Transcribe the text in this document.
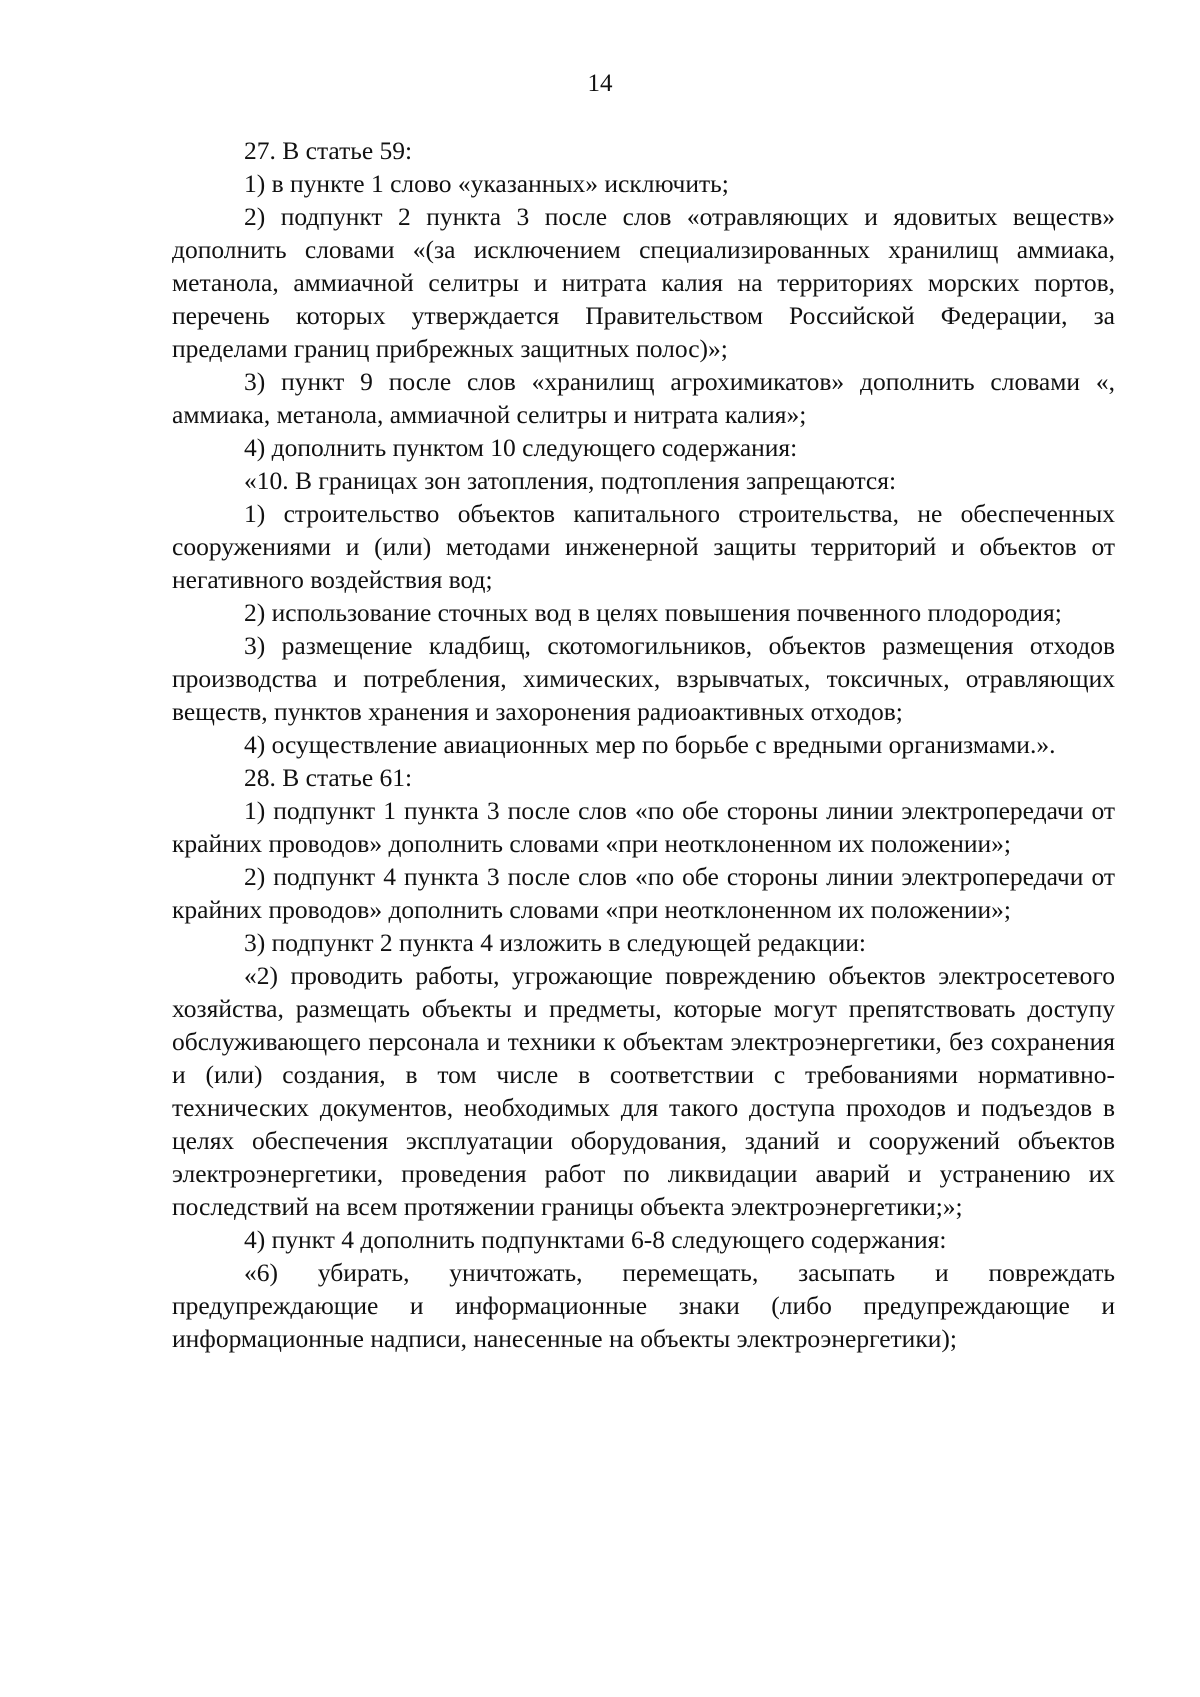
14

27. В статье 59:

1) в пункте 1 слово «указанных» исключить;

2) подпункт 2 пункта 3 после слов «отравляющих и ядовитых веществ» дополнить словами «(за исключением специализированных хранилищ аммиака, метанола, аммиачной селитры и нитрата калия на территориях морских портов, перечень которых утверждается Правительством Российской Федерации, за пределами границ прибрежных защитных полос)»;

3) пункт 9 после слов «хранилищ агрохимикатов» дополнить словами «, аммиака, метанола, аммиачной селитры и нитрата калия»;

4) дополнить пунктом 10 следующего содержания:

«10. В границах зон затопления, подтопления запрещаются:

1) строительство объектов капитального строительства, не обеспеченных сооружениями и (или) методами инженерной защиты территорий и объектов от негативного воздействия вод;

2) использование сточных вод в целях повышения почвенного плодородия;

3) размещение кладбищ, скотомогильников, объектов размещения отходов производства и потребления, химических, взрывчатых, токсичных, отравляющих веществ, пунктов хранения и захоронения радиоактивных отходов;

4) осуществление авиационных мер по борьбе с вредными организмами.».

28. В статье 61:

1) подпункт 1 пункта 3 после слов «по обе стороны линии электропередачи от крайних проводов» дополнить словами «при неотклоненном их положении»;

2) подпункт 4 пункта 3 после слов «по обе стороны линии электропередачи от крайних проводов» дополнить словами «при неотклоненном их положении»;

3) подпункт 2 пункта 4 изложить в следующей редакции:

«2) проводить работы, угрожающие повреждению объектов электросетевого хозяйства, размещать объекты и предметы, которые могут препятствовать доступу обслуживающего персонала и техники к объектам электроэнергетики, без сохранения и (или) создания, в том числе в соответствии с требованиями нормативно-технических документов, необходимых для такого доступа проходов и подъездов в целях обеспечения эксплуатации оборудования, зданий и сооружений объектов электроэнергетики, проведения работ по ликвидации аварий и устранению их последствий на всем протяжении границы объекта электроэнергетики;»;

4) пункт 4 дополнить подпунктами 6-8 следующего содержания:

«6) убирать, уничтожать, перемещать, засыпать и повреждать предупреждающие и информационные знаки (либо предупреждающие и информационные надписи, нанесенные на объекты электроэнергетики);
